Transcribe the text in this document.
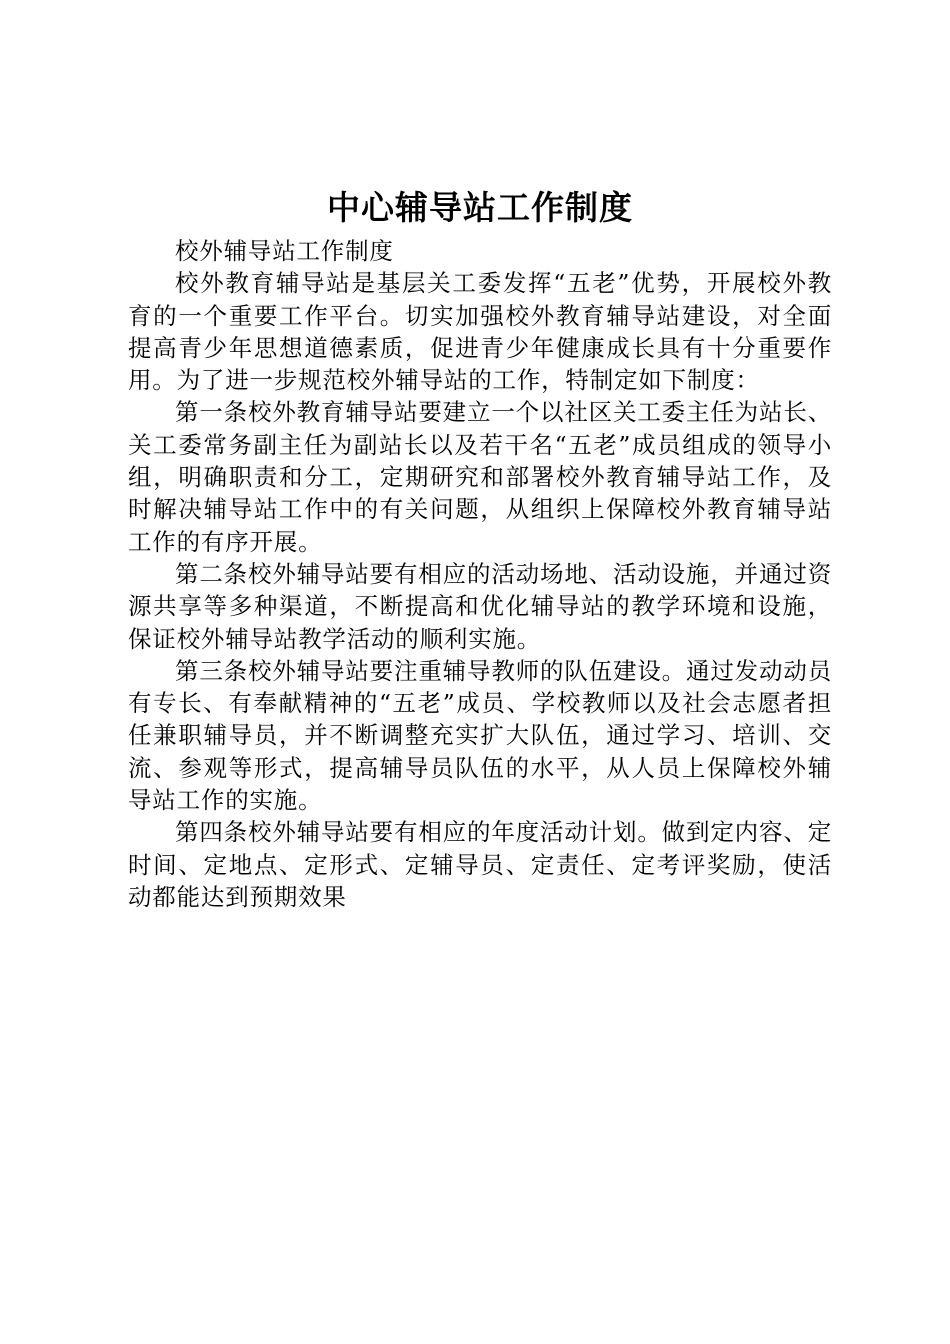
中心辅导站工作制度

校外辅导站工作制度

校外教育辅导站是基层关工委发挥“五老”优势，开展校外教育的一个重要工作平台。切实加强校外教育辅导站建设，对全面提高青少年思想道德素质，促进青少年健康成长具有十分重要作用。为了进一步规范校外辅导站的工作，特制定如下制度：

第一条校外教育辅导站要建立一个以社区关工委主任为站长、关工委常务副主任为副站长以及若干名“五老”成员组成的领导小组，明确职责和分工，定期研究和部署校外教育辅导站工作，及时解决辅导站工作中的有关问题，从组织上保障校外教育辅导站工作的有序开展。

第二条校外辅导站要有相应的活动场地、活动设施，并通过资源共享等多种渠道，不断提高和优化辅导站的教学环境和设施，保证校外辅导站教学活动的顺利实施。

第三条校外辅导站要注重辅导教师的队伍建设。通过发动动员有专长、有奉献精神的“五老”成员、学校教师以及社会志愿者担任兼职辅导员，并不断调整充实扩大队伍，通过学习、培训、交流、参观等形式，提高辅导员队伍的水平，从人员上保障校外辅导站工作的实施。

第四条校外辅导站要有相应的年度活动计划。做到定内容、定时间、定地点、定形式、定辅导员、定责任、定考评奖励，使活动都能达到预期效果
